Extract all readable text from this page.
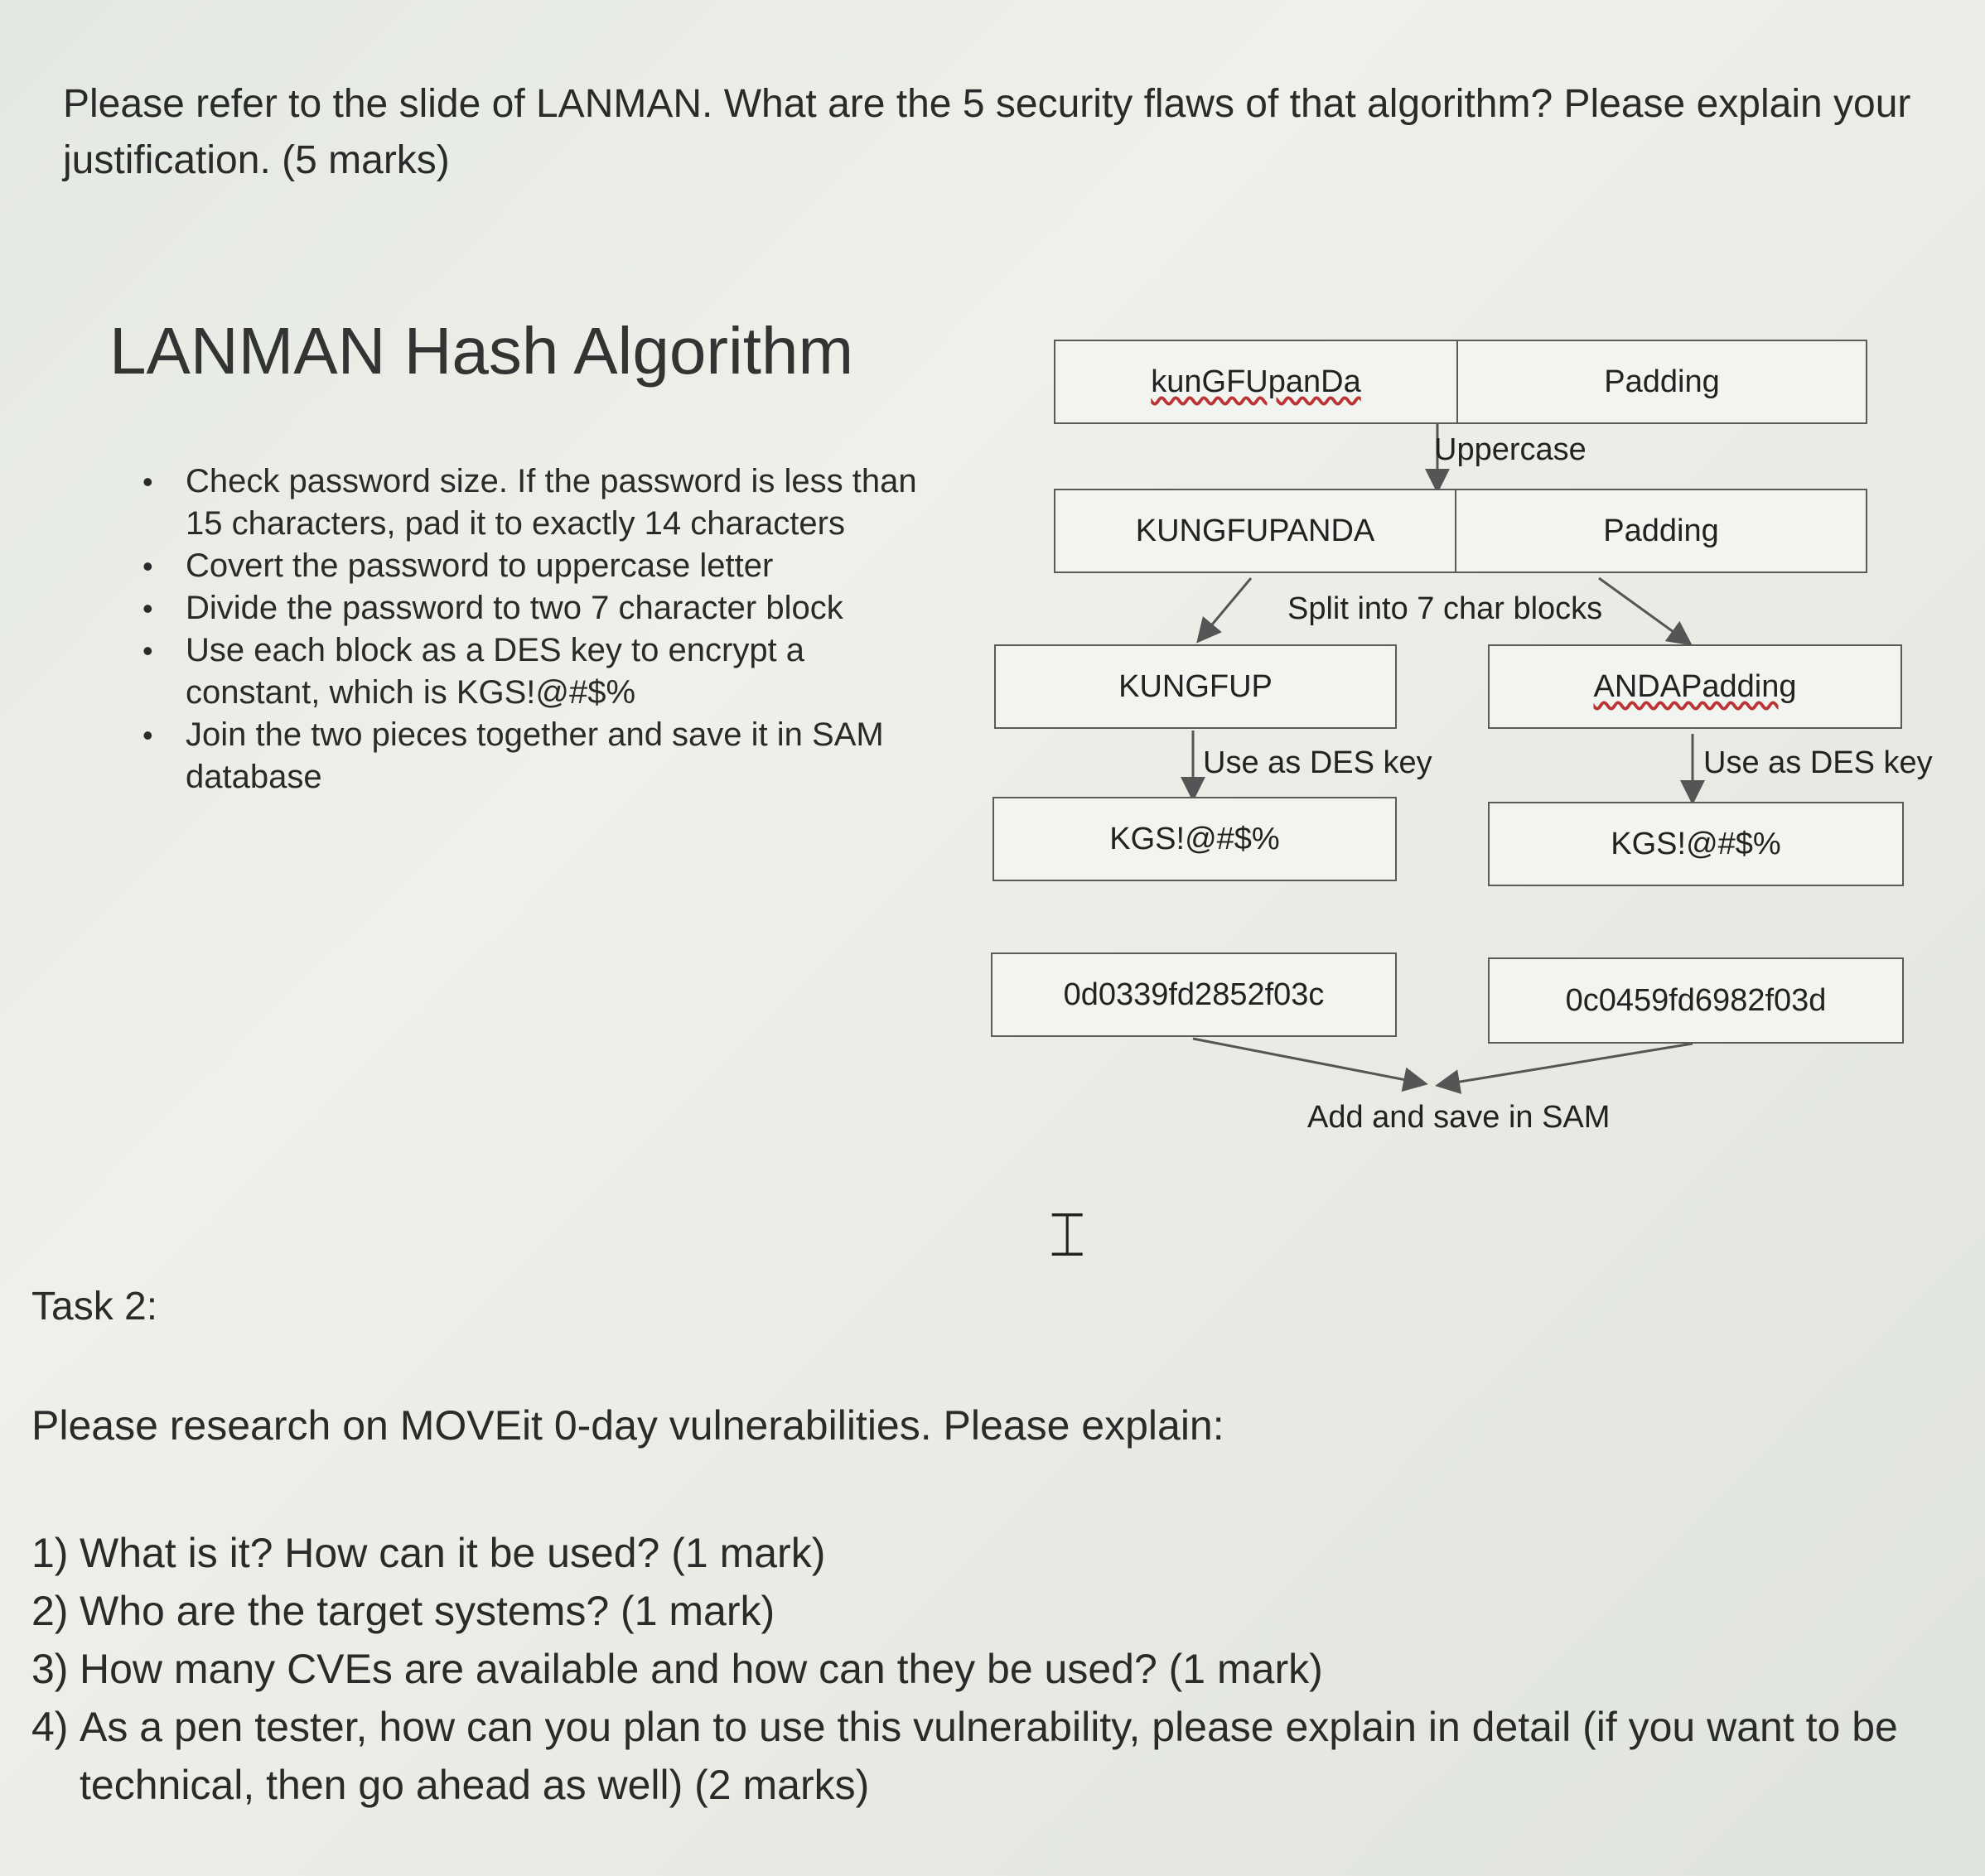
Please refer to the slide of LANMAN. What are the 5 security flaws of that algorithm? Please explain your justification. (5 marks)
LANMAN Hash Algorithm
• Check password size. If the password is less than 15 characters, pad it to exactly 14 characters
• Covert the password to uppercase letter
• Divide the password to two 7 character block
• Use each block as a DES key to encrypt a constant, which is KGS!@#$%
• Join the two pieces together and save it in SAM database
kunGFUpanDa	Padding
Uppercase
KUNGFUPANDA	Padding
Split into 7 char blocks
KUNGFUP	ANDAPadding
Use as DES key	Use as DES key
KGS!@#$%	KGS!@#$%
0d0339fd2852f03c	0c0459fd6982f03d
Add and save in SAM
⌶
Task 2:
Please research on MOVEit 0-day vulnerabilities. Please explain:
1) What is it? How can it be used? (1 mark)
2) Who are the target systems? (1 mark)
3) How many CVEs are available and how can they be used? (1 mark)
4) As a pen tester, how can you plan to use this vulnerability, please explain in detail (if you want to be technical, then go ahead as well) (2 marks)
